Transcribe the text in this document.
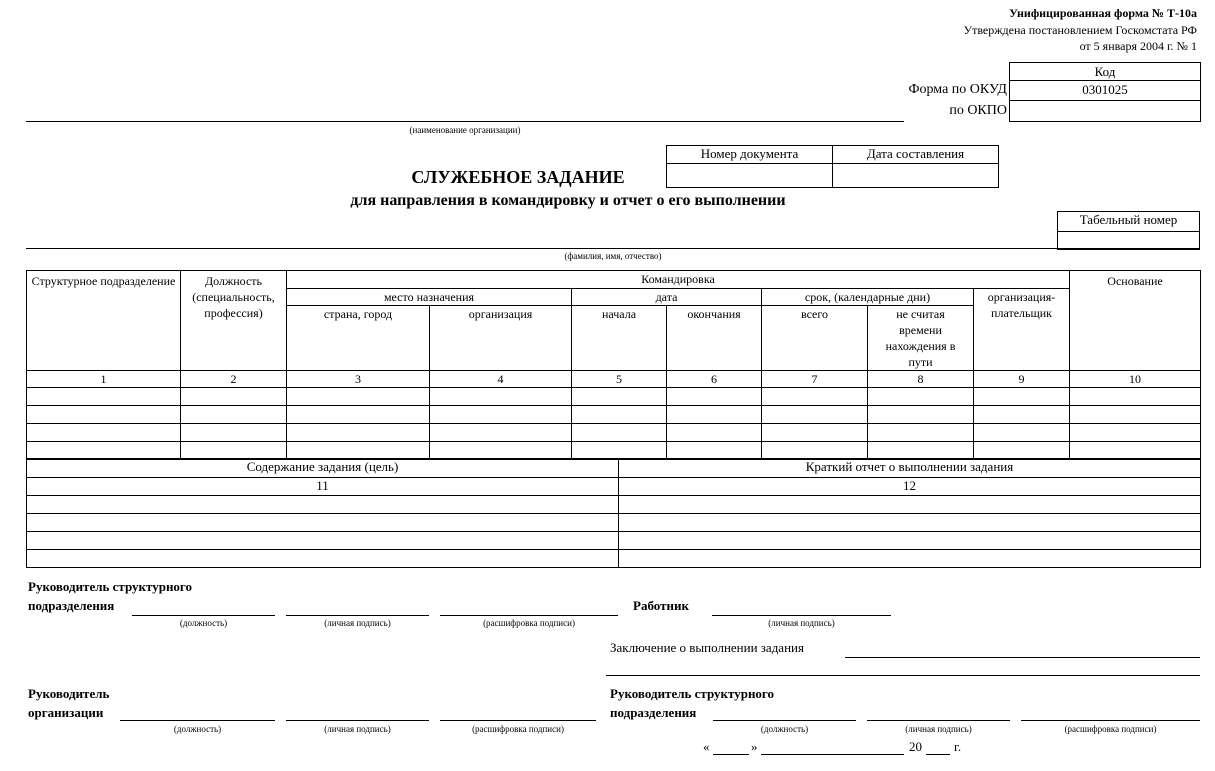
Унифицированная форма № Т-10а
Утверждена постановлением Госкомстата РФ
от 5 января 2004 г. № 1
Код
0301025
Форма по ОКУД
по ОКПО
(наименование организации)
Номер документа	Дата составления

СЛУЖЕБНОЕ ЗАДАНИЕ
для направления в командировку и отчет о его выполнении
Табельный номер

(фамилия, имя, отчество)
Структурное подразделение	Должность (специальность, профессия)	Командировка							Основание
		место назначения		дата		срок, (календарные дни)		организация-плательщик	
		страна, город	организация	начала	окончания	всего	не считая времени нахождения в пути		
1	2	3	4	5	6	7	8	9	10

Содержание задания (цель)	Краткий отчет о выполнении задания
11	12

Руководитель структурного
подразделения
(должность)	(личная подпись)	(расшифровка подписи)
Работник
(личная подпись)
Заключение о выполнении задания
Руководитель
организации
(должность)	(личная подпись)	(расшифровка подписи)
Руководитель структурного
подразделения
(должность)	(личная подпись)	(расшифровка подписи)
«	»	20 г.
